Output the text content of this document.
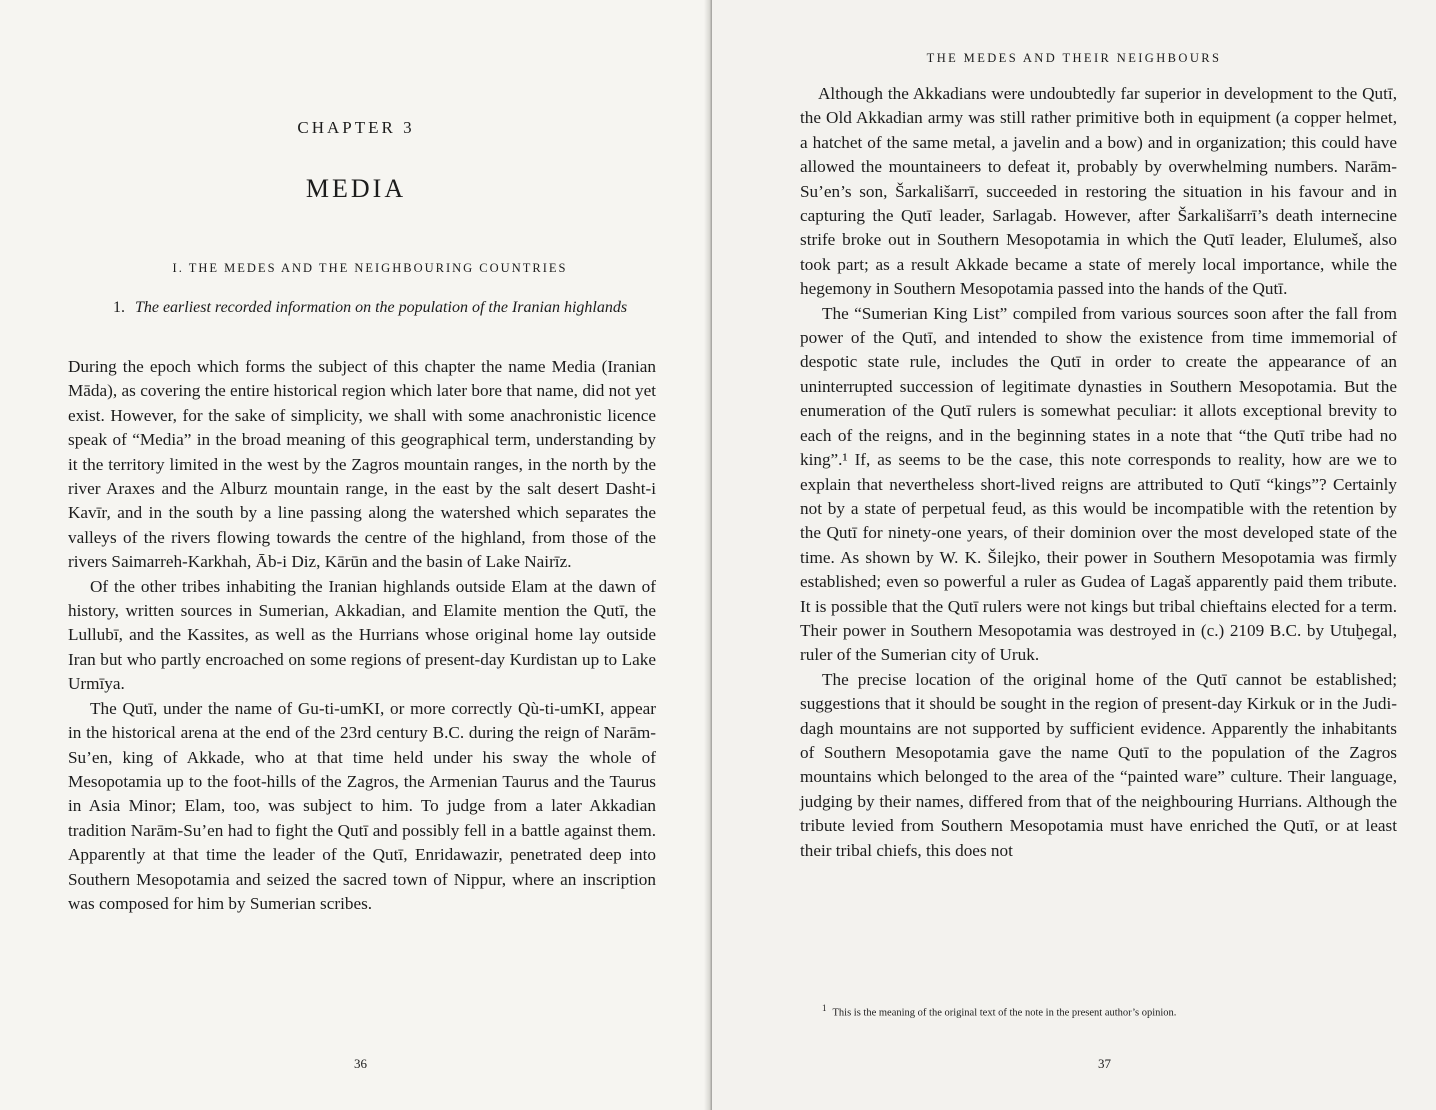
CHAPTER 3
MEDIA
I. THE MEDES AND THE NEIGHBOURING COUNTRIES
1. The earliest recorded information on the population of the Iranian highlands

During the epoch which forms the subject of this chapter the name Media (Iranian Māda), as covering the entire historical region which later bore that name, did not yet exist. However, for the sake of simplicity, we shall with some anachronistic licence speak of “Media” in the broad meaning of this geographical term, understanding by it the territory limited in the west by the Zagros mountain ranges, in the north by the river Araxes and the Alburz mountain range, in the east by the salt desert Dasht-i Kavīr, and in the south by a line passing along the watershed which separates the valleys of the rivers flowing towards the centre of the highland, from those of the rivers Saimarreh-Karkhah, Āb-i Diz, Kārūn and the basin of Lake Nairīz.

Of the other tribes inhabiting the Iranian highlands outside Elam at the dawn of history, written sources in Sumerian, Akkadian, and Elamite mention the Qutī, the Lullubī, and the Kassites, as well as the Hurrians whose original home lay outside Iran but who partly encroached on some regions of present-day Kurdistan up to Lake Urmīya.

The Qutī, under the name of Gu-ti-umKI, or more correctly Qù-ti-umKI, appear in the historical arena at the end of the 23rd century B.C. during the reign of Narām-Su’en, king of Akkade, who at that time held under his sway the whole of Mesopotamia up to the foot-hills of the Zagros, the Armenian Taurus and the Taurus in Asia Minor; Elam, too, was subject to him. To judge from a later Akkadian tradition Narām-Su’en had to fight the Qutī and possibly fell in a battle against them. Apparently at that time the leader of the Qutī, Enridawazir, penetrated deep into Southern Mesopotamia and seized the sacred town of Nippur, where an inscription was composed for him by Sumerian scribes.

36
THE MEDES AND THEIR NEIGHBOURS

Although the Akkadians were undoubtedly far superior in development to the Qutī, the Old Akkadian army was still rather primitive both in equipment (a copper helmet, a hatchet of the same metal, a javelin and a bow) and in organization; this could have allowed the mountaineers to defeat it, probably by overwhelming numbers. Narām-Su’en’s son, Šarkališarrī, succeeded in restoring the situation in his favour and in capturing the Qutī leader, Sarlagab. However, after Šarkališarrī’s death internecine strife broke out in Southern Mesopotamia in which the Qutī leader, Elulumeš, also took part; as a result Akkade became a state of merely local importance, while the hegemony in Southern Mesopotamia passed into the hands of the Qutī.

The “Sumerian King List” compiled from various sources soon after the fall from power of the Qutī, and intended to show the existence from time immemorial of despotic state rule, includes the Qutī in order to create the appearance of an uninterrupted succession of legitimate dynasties in Southern Mesopotamia. But the enumeration of the Qutī rulers is somewhat peculiar: it allots exceptional brevity to each of the reigns, and in the beginning states in a note that “the Qutī tribe had no king”.¹ If, as seems to be the case, this note corresponds to reality, how are we to explain that nevertheless short-lived reigns are attributed to Qutī “kings”? Certainly not by a state of perpetual feud, as this would be incompatible with the retention by the Qutī for ninety-one years, of their dominion over the most developed state of the time. As shown by W. K. Šilejko, their power in Southern Mesopotamia was firmly established; even so powerful a ruler as Gudea of Lagaš apparently paid them tribute. It is possible that the Qutī rulers were not kings but tribal chieftains elected for a term. Their power in Southern Mesopotamia was destroyed in (c.) 2109 B.C. by Utuḫegal, ruler of the Sumerian city of Uruk.

The precise location of the original home of the Qutī cannot be established; suggestions that it should be sought in the region of present-day Kirkuk or in the Judi-dagh mountains are not supported by sufficient evidence. Apparently the inhabitants of Southern Mesopotamia gave the name Qutī to the population of the Zagros mountains which belonged to the area of the “painted ware” culture. Their language, judging by their names, differed from that of the neighbouring Hurrians. Although the tribute levied from Southern Mesopotamia must have enriched the Qutī, or at least their tribal chiefs, this does not

1 This is the meaning of the original text of the note in the present author’s opinion.
37
